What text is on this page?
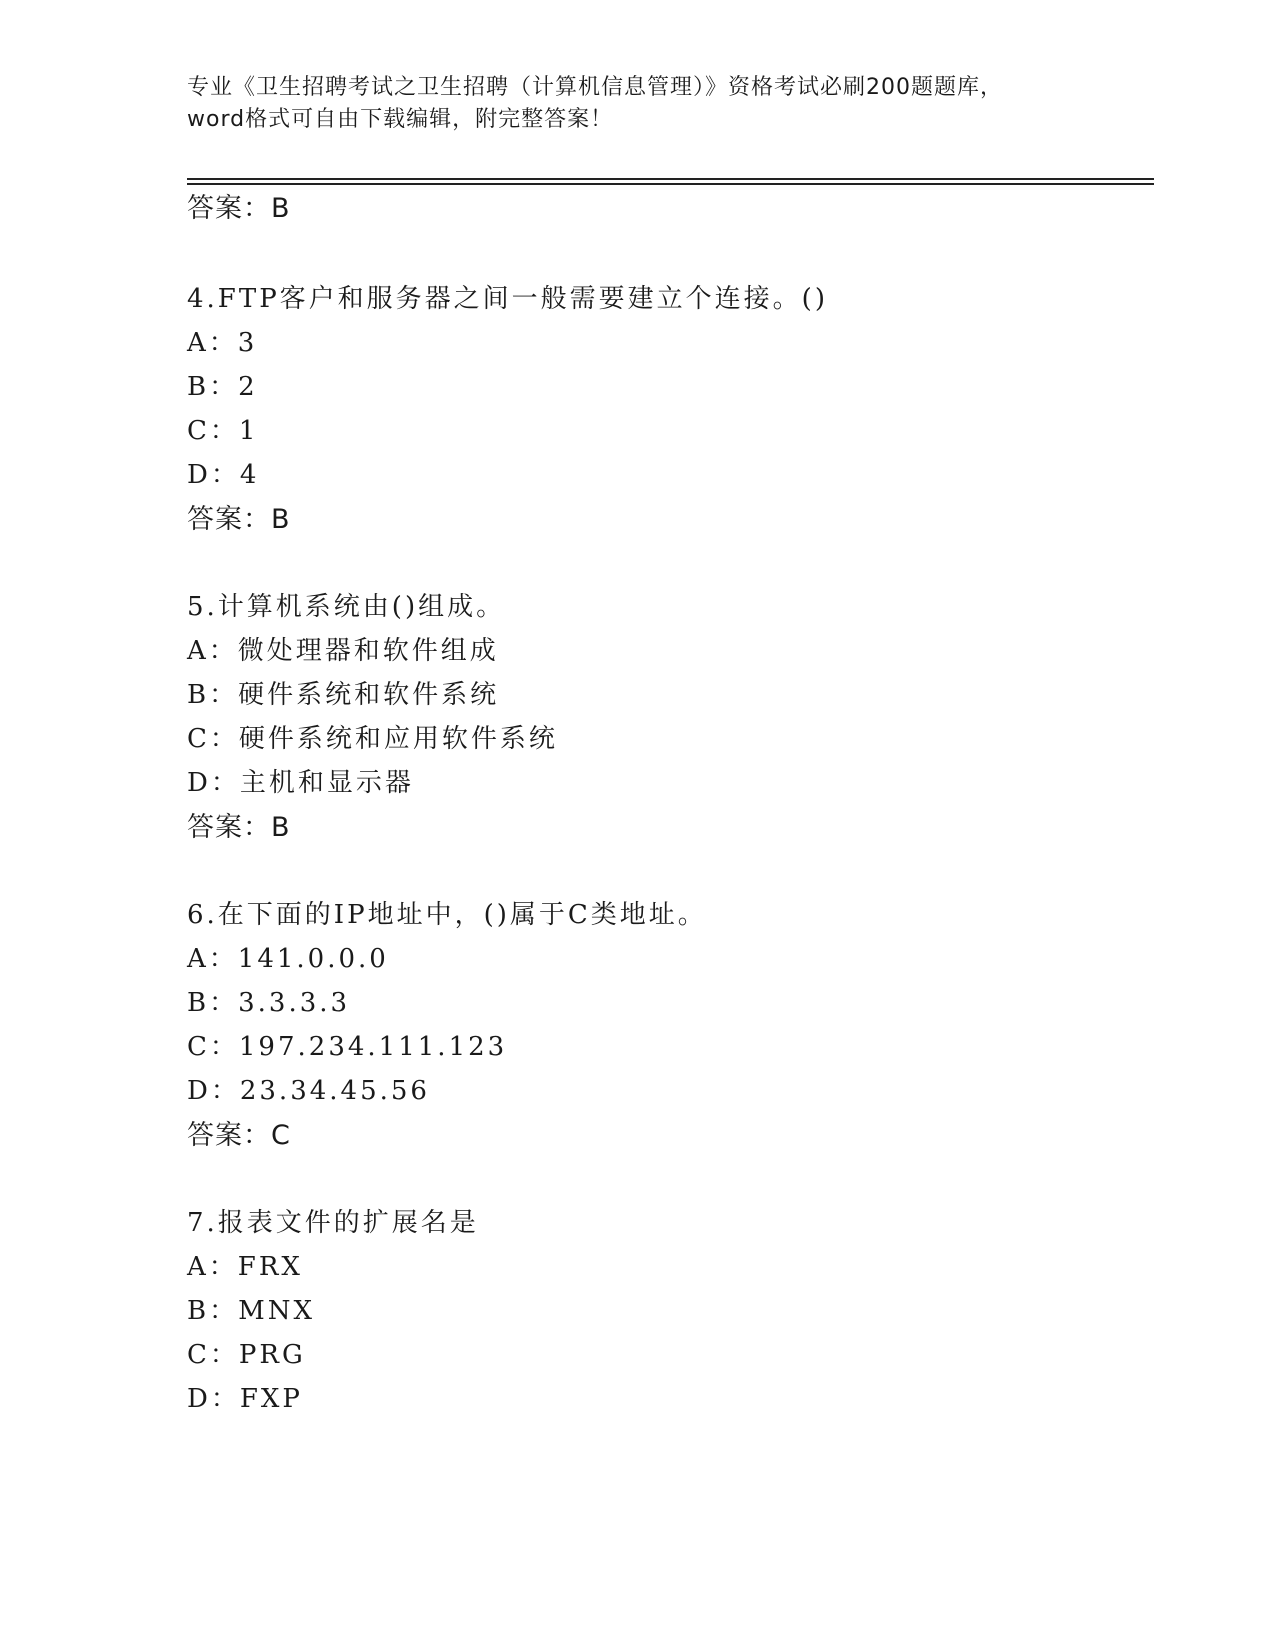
专业《卫生招聘考试之卫生招聘（计算机信息管理）》资格考试必刷200题题库，
word格式可自由下载编辑，附完整答案！
答案：B
4.FTP客户和服务器之间一般需要建立个连接。()
A：3
B：2
C：1
D：4
答案：B
5.计算机系统由()组成。
A：微处理器和软件组成
B：硬件系统和软件系统
C：硬件系统和应用软件系统
D：主机和显示器
答案：B
6.在下面的IP地址中，()属于C类地址。
A：141.0.0.0
B：3.3.3.3
C：197.234.111.123
D：23.34.45.56
答案：C
7.报表文件的扩展名是
A：FRX
B：MNX
C：PRG
D：FXP
